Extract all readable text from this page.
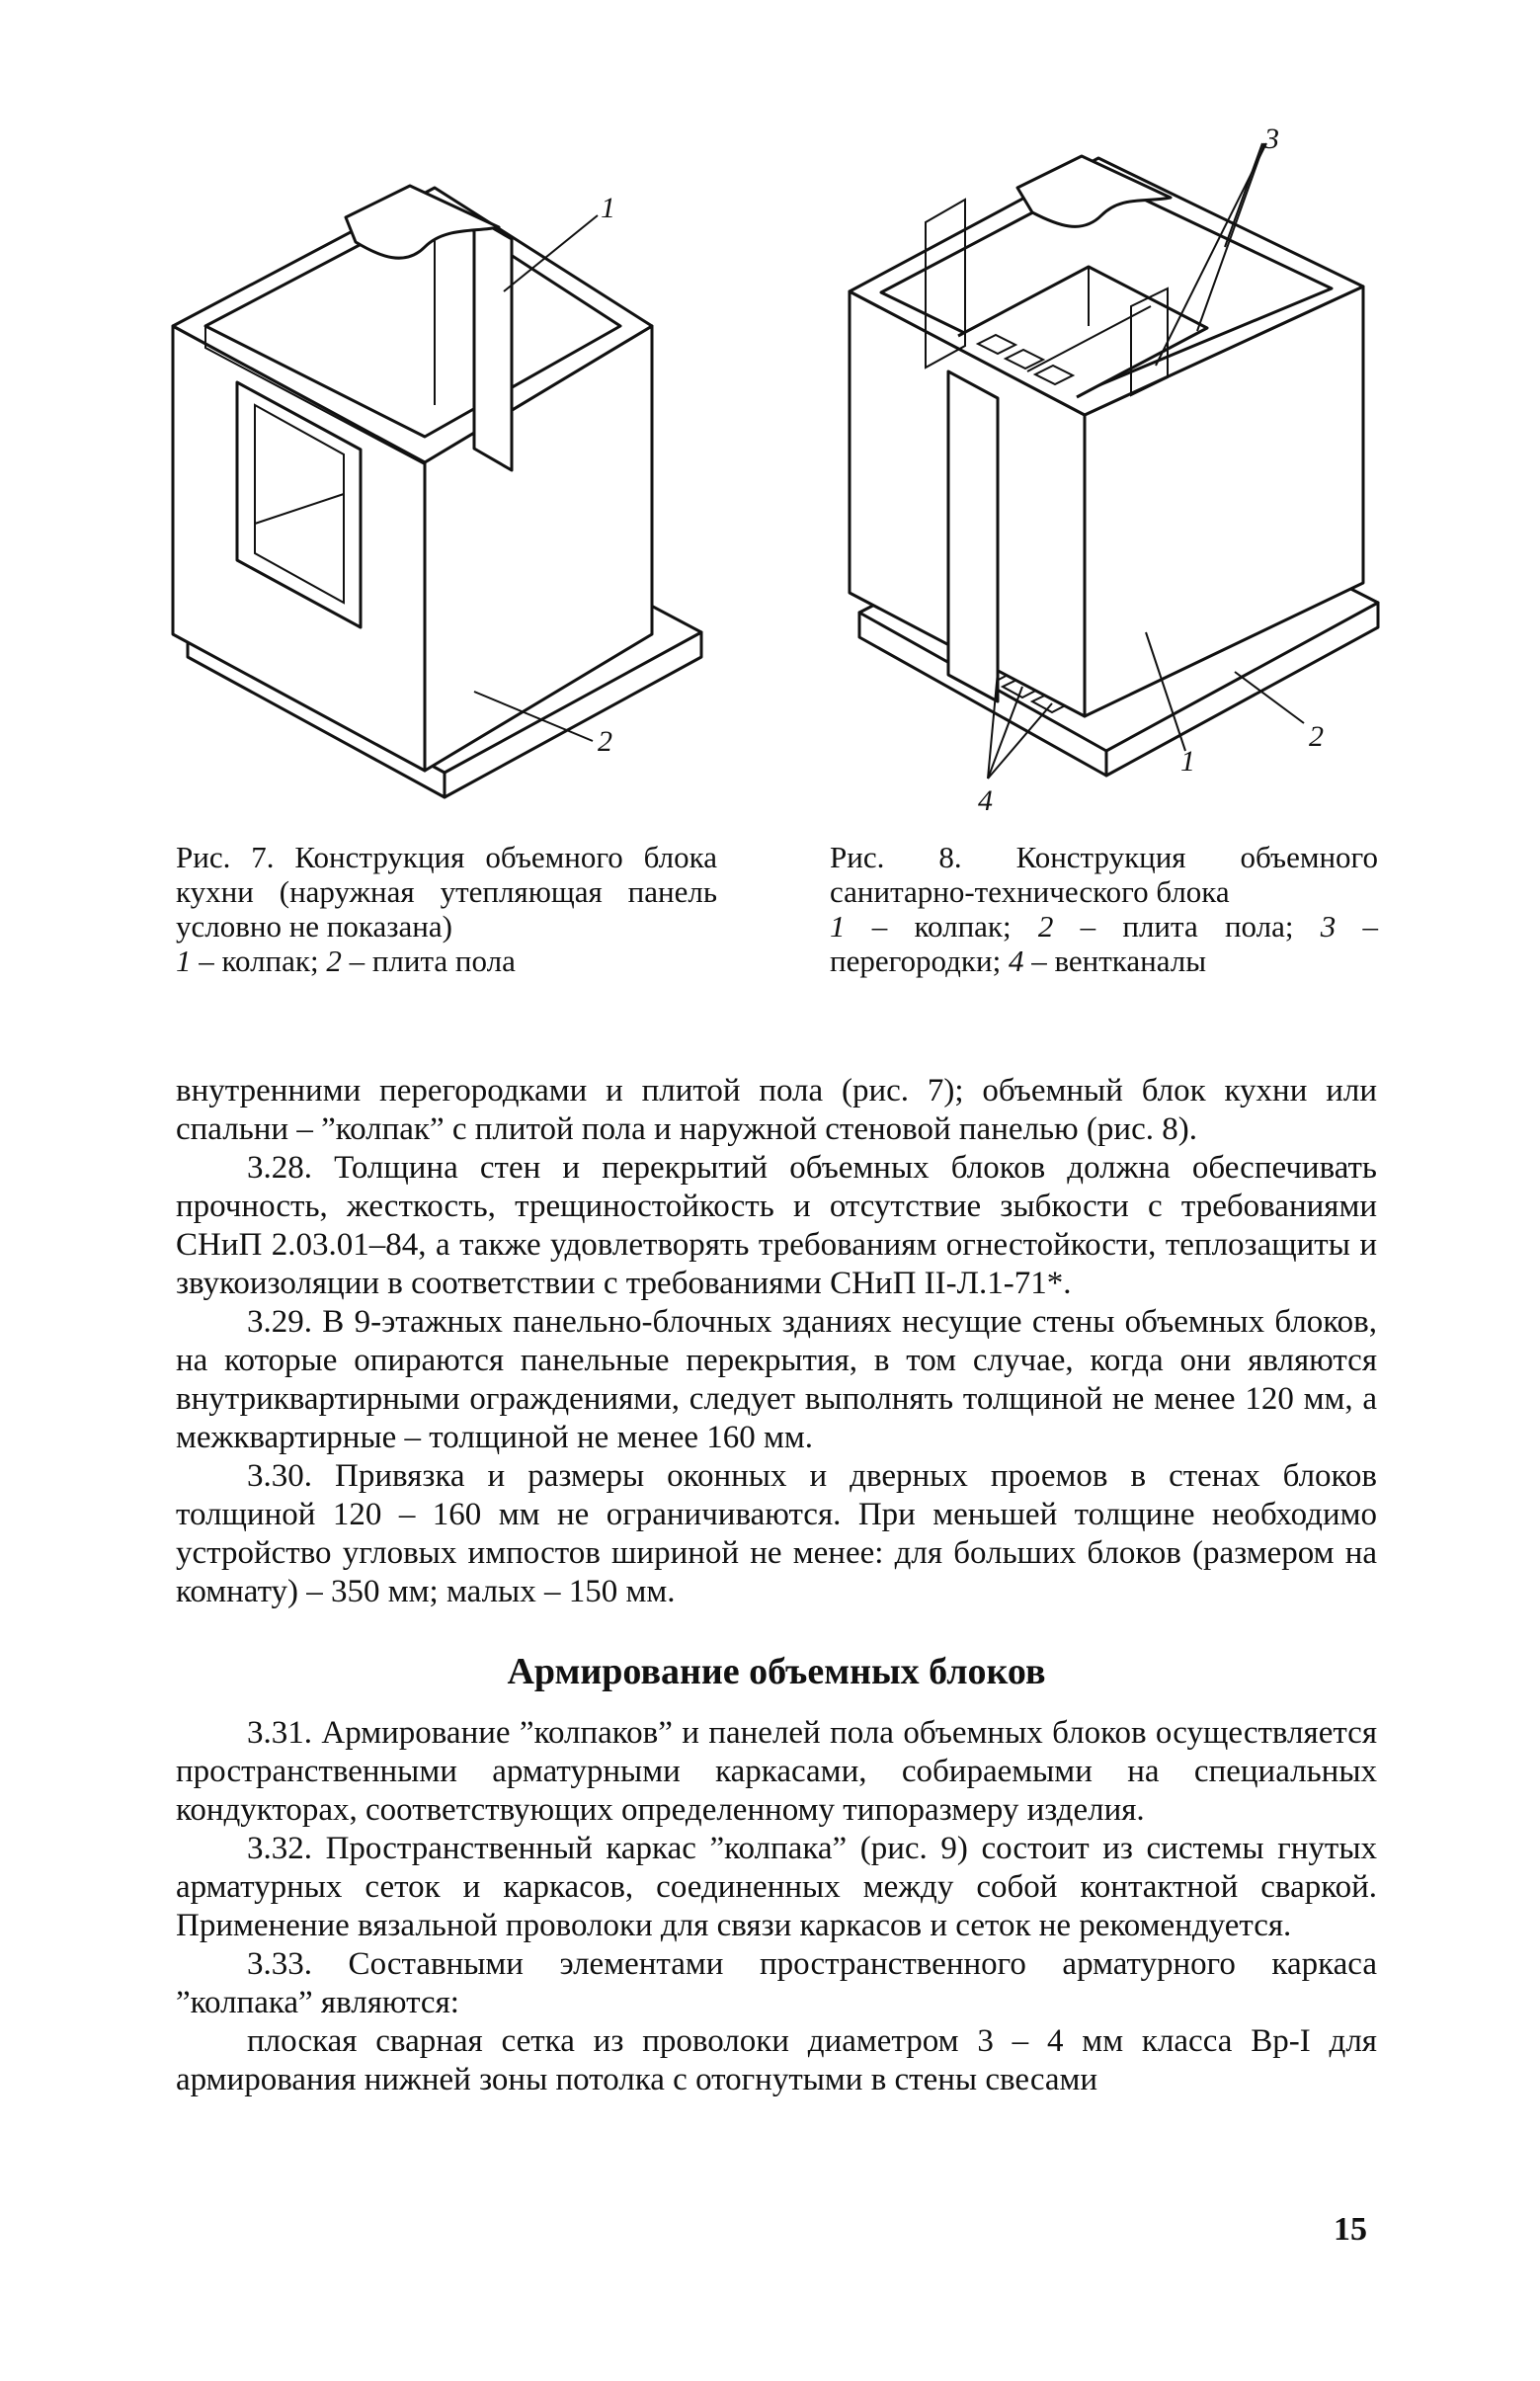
1
2
3
2
1
4
Рис. 7. Конструкция объемного блока кухни (наружная утепляющая панель условно не показана)
1 – колпак; 2 – плита пола
Рис. 8. Конструкция объемного санитарно-технического блока
1 – колпак; 2 – плита пола; 3 – перегородки; 4 – вентканалы

внутренними перегородками и плитой пола (рис. 7); объемный блок кухни или спальни – ”колпак” с плитой пола и наружной стеновой панелью (рис. 8).

3.28. Толщина стен и перекрытий объемных блоков должна обеспечивать прочность, жесткость, трещиностойкость и отсутствие зыбкости с требованиями СНиП 2.03.01–84, а также удовлетворять требованиям огнестойкости, теплозащиты и звукоизоляции в соответствии с требованиями СНиП II-Л.1-71*.

3.29. В 9-этажных панельно-блочных зданиях несущие стены объемных блоков, на которые опираются панельные перекрытия, в том случае, когда они являются внутриквартирными ограждениями, следует выполнять толщиной не менее 120 мм, а межквартирные – толщиной не менее 160 мм.

3.30. Привязка и размеры оконных и дверных проемов в стенах блоков толщиной 120 – 160 мм не ограничиваются. При меньшей толщине необходимо устройство угловых импостов шириной не менее: для больших блоков (размером на комнату) – 350 мм; малых – 150 мм.

Армирование объемных блоков

3.31. Армирование ”колпаков” и панелей пола объемных блоков осуществляется пространственными арматурными каркасами, собираемыми на специальных кондукторах, соответствующих определенному типоразмеру изделия.

3.32. Пространственный каркас ”колпака” (рис. 9) состоит из системы гнутых арматурных сеток и каркасов, соединенных между собой контактной сваркой. Применение вязальной проволоки для связи каркасов и сеток не рекомендуется.

3.33. Составными элементами пространственного арматурного каркаса ”колпака” являются:

плоская сварная сетка из проволоки диаметром 3 – 4 мм класса Вр-I для армирования нижней зоны потолка с отогнутыми в стены свесами

15
